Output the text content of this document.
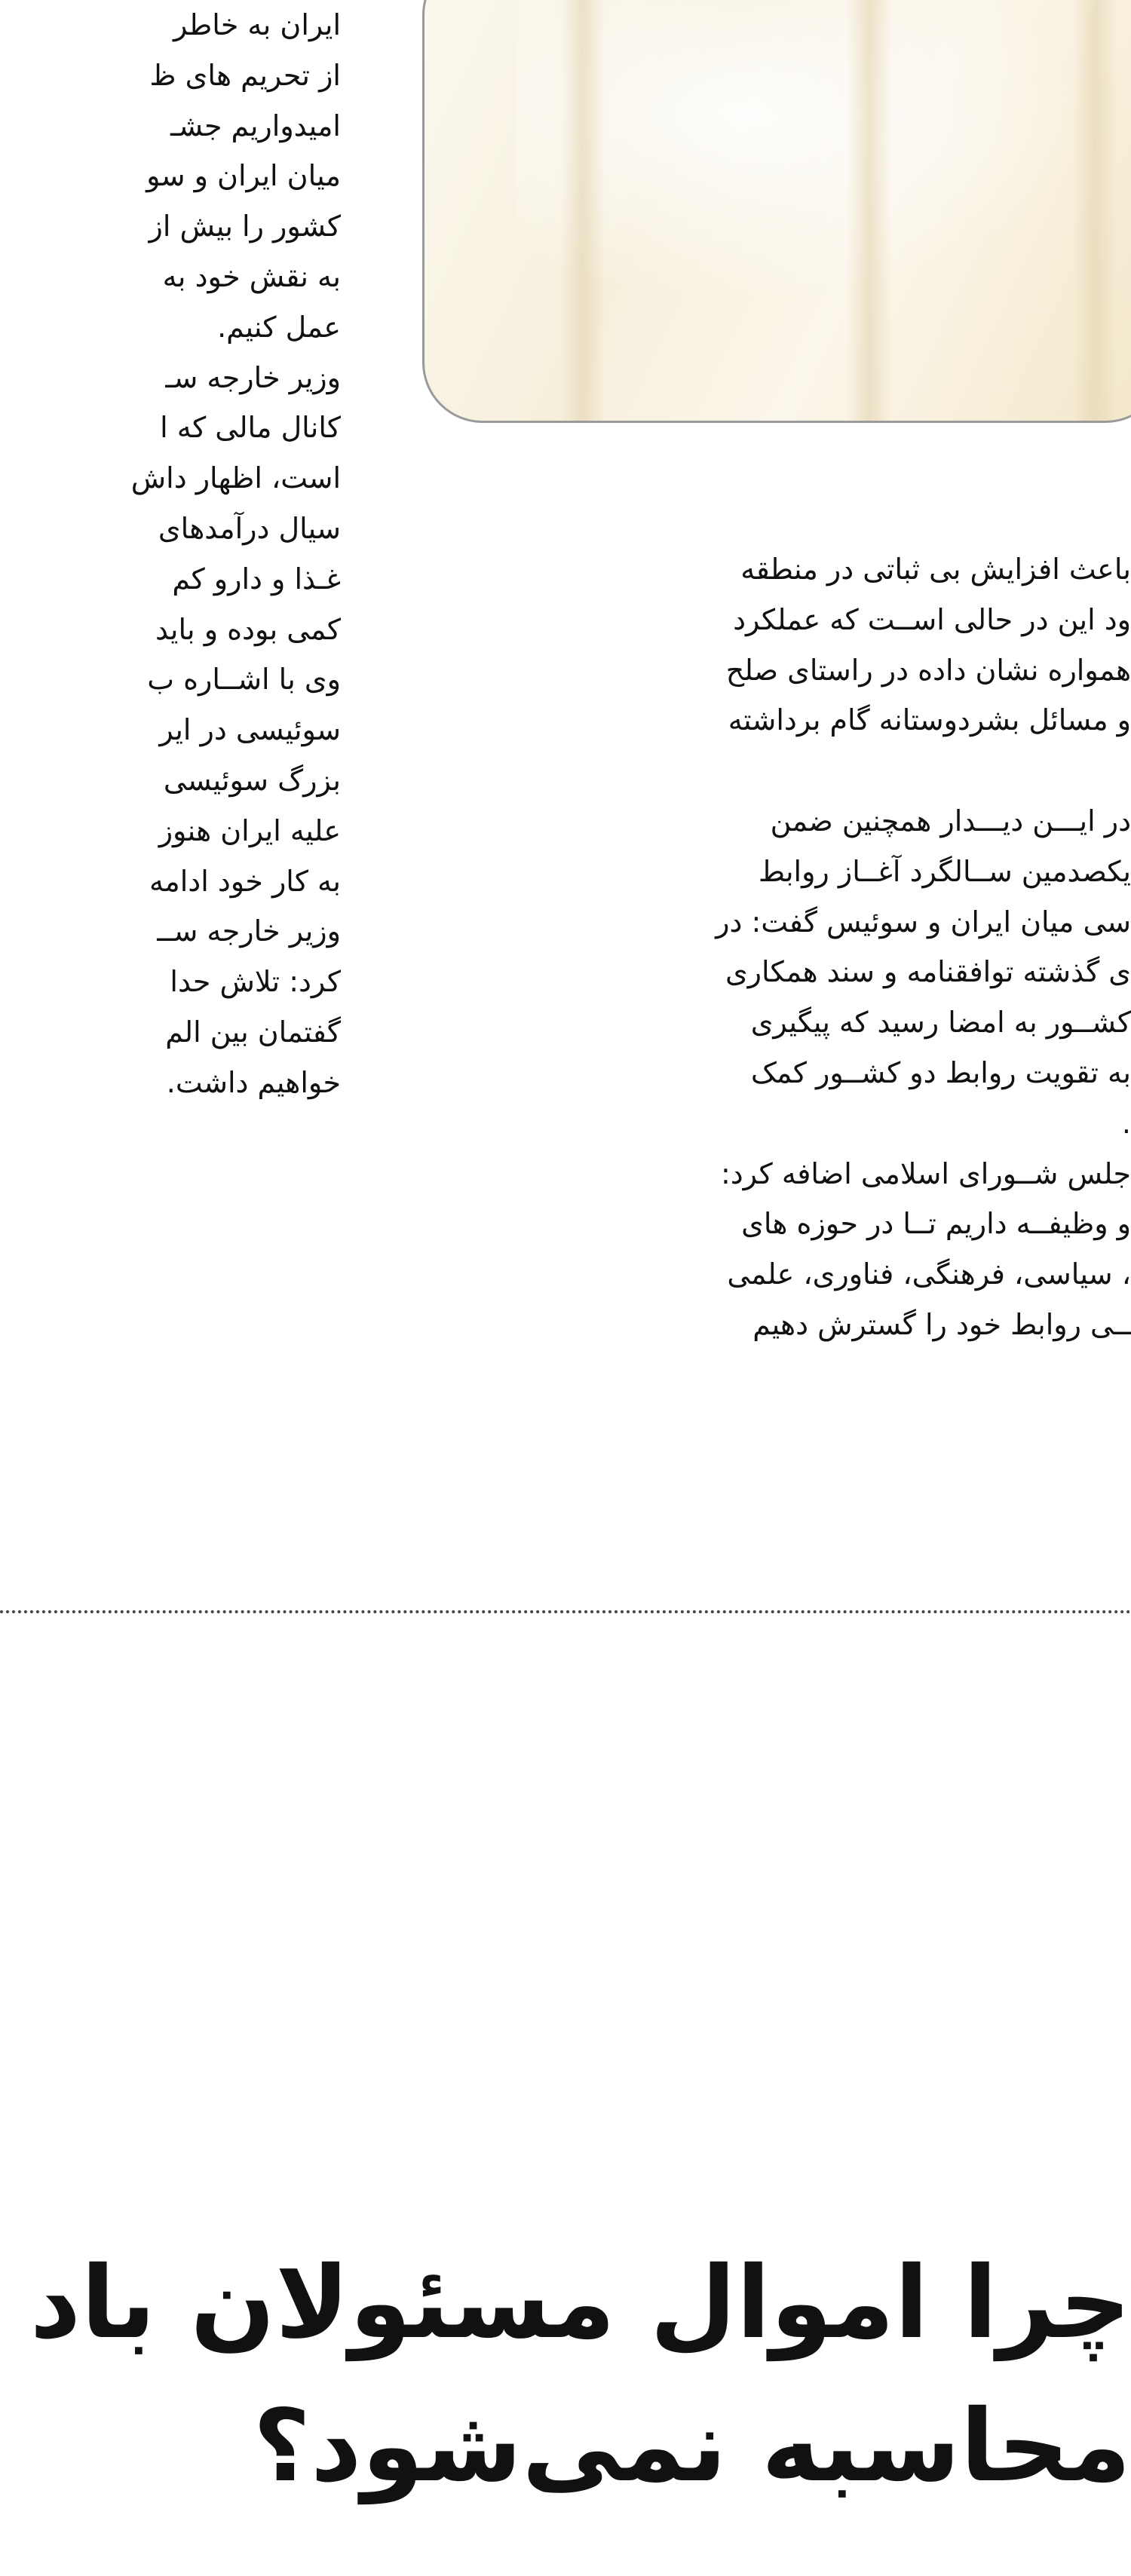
ایران به خاطر
از تحریم های ظ
امیدواریم جشـ
میان ایران و سو
کشور را بیش از
به نقش خود به
عمل کنیم.
وزیر خارجه سـ
کانال مالی که ا
است، اظهار داش
سیال درآمدهای
غـذا و دارو کم
کمی بوده و باید
وی با اشــاره ب
سوئیسی در ایر
بزرگ سوئیسی
علیه ایران هنوز
به کار خود ادامه
وزیر خارجه ســ
کرد: تلاش حدا
گفتمان بین الم
خواهیم داشت.
باعث افزایش بی ثباتی در منطقه
ود این در حالی اســت که عملکرد
همواره نشان داده در راستای صلح
و مسائل بشردوستانه گام برداشته
در ایـــن دیـــدار همچنین ضمن
یکصدمین ســالگرد آغــاز روابط
سی میان ایران و سوئیس گفت: در
ی گذشته توافقنامه و سند همکاری
کشــور به امضا رسید که پیگیری
به تقویت روابط دو کشــور کمک
.
جلس شــورای اسلامی اضافه کرد:
و وظیفــه داریم تــا در حوزه های
، سیاسی، فرهنگی، فناوری، علمی
ــی روابط خود را گسترش دهیم
چرا اموال مسئولان باد
محاسبه نمی‌شود؟
